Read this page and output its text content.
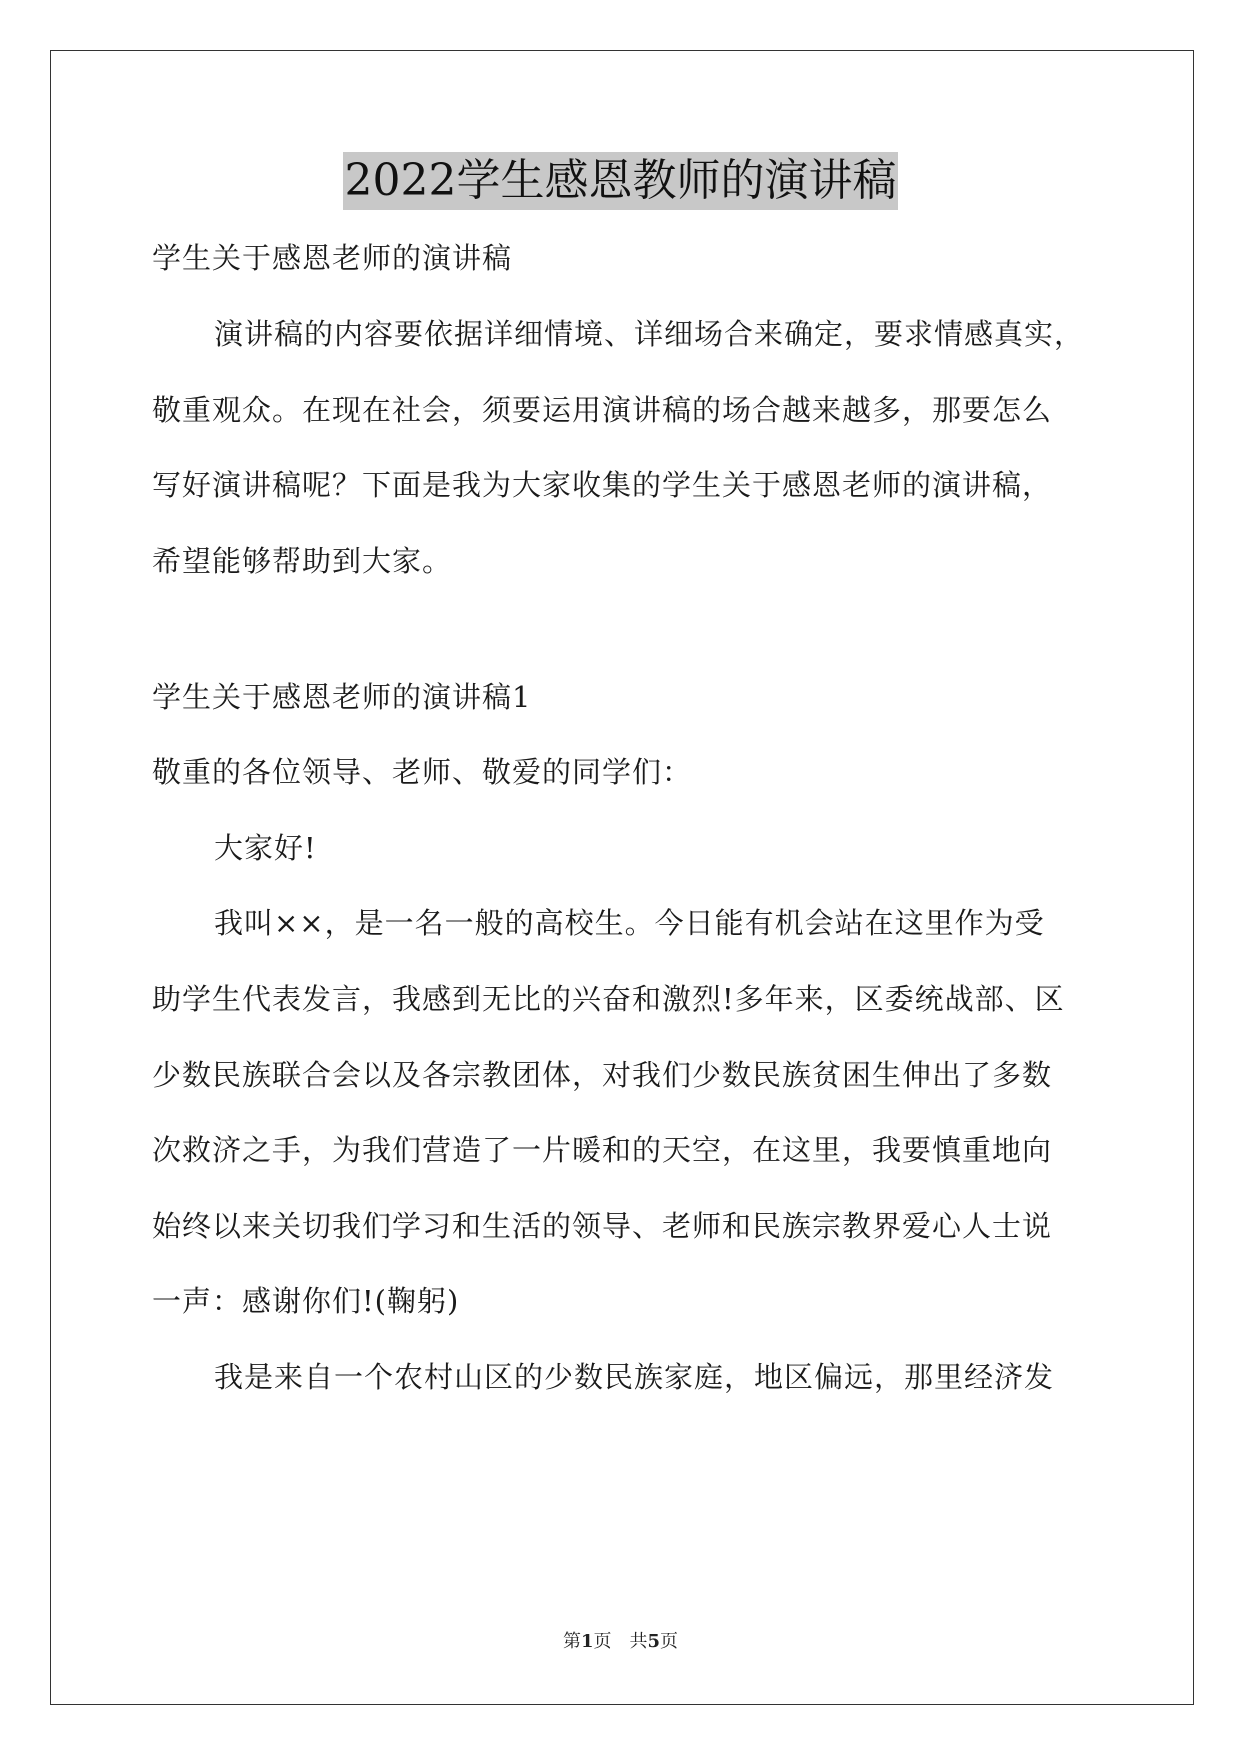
2022学生感恩教师的演讲稿
学生关于感恩老师的演讲稿
演讲稿的内容要依据详细情境、详细场合来确定，要求情感真实，
敬重观众。在现在社会，须要运用演讲稿的场合越来越多，那要怎么
写好演讲稿呢？下面是我为大家收集的学生关于感恩老师的演讲稿，
希望能够帮助到大家。
学生关于感恩老师的演讲稿1
敬重的各位领导、老师、敬爱的同学们：
大家好!
我叫××，是一名一般的高校生。今日能有机会站在这里作为受
助学生代表发言，我感到无比的兴奋和激烈!多年来，区委统战部、区
少数民族联合会以及各宗教团体，对我们少数民族贫困生伸出了多数
次救济之手，为我们营造了一片暖和的天空，在这里，我要慎重地向
始终以来关切我们学习和生活的领导、老师和民族宗教界爱心人士说
一声：感谢你们!(鞠躬)
我是来自一个农村山区的少数民族家庭，地区偏远，那里经济发
第1页 共5页
